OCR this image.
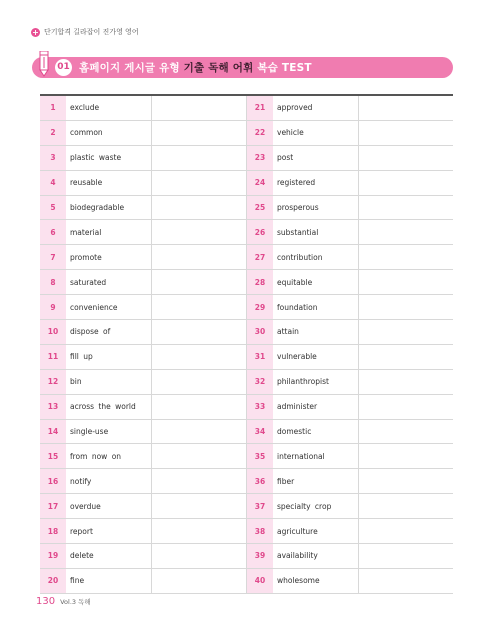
+ 단기합격 길라잡이 진가영 영어
01 홈페이지 게시글 유형 기출 독해 어휘 복습 TEST
1	exclude	21	approved
2	common	22	vehicle
3	plastic waste	23	post
4	reusable	24	registered
5	biodegradable	25	prosperous
6	material	26	substantial
7	promote	27	contribution
8	saturated	28	equitable
9	convenience	29	foundation
10	dispose of	30	attain
11	fill up	31	vulnerable
12	bin	32	philanthropist
13	across the world	33	administer
14	single-use	34	domestic
15	from now on	35	international
16	notify	36	fiber
17	overdue	37	specialty crop
18	report	38	agriculture
19	delete	39	availability
20	fine	40	wholesome
130 Vol.3 독해
